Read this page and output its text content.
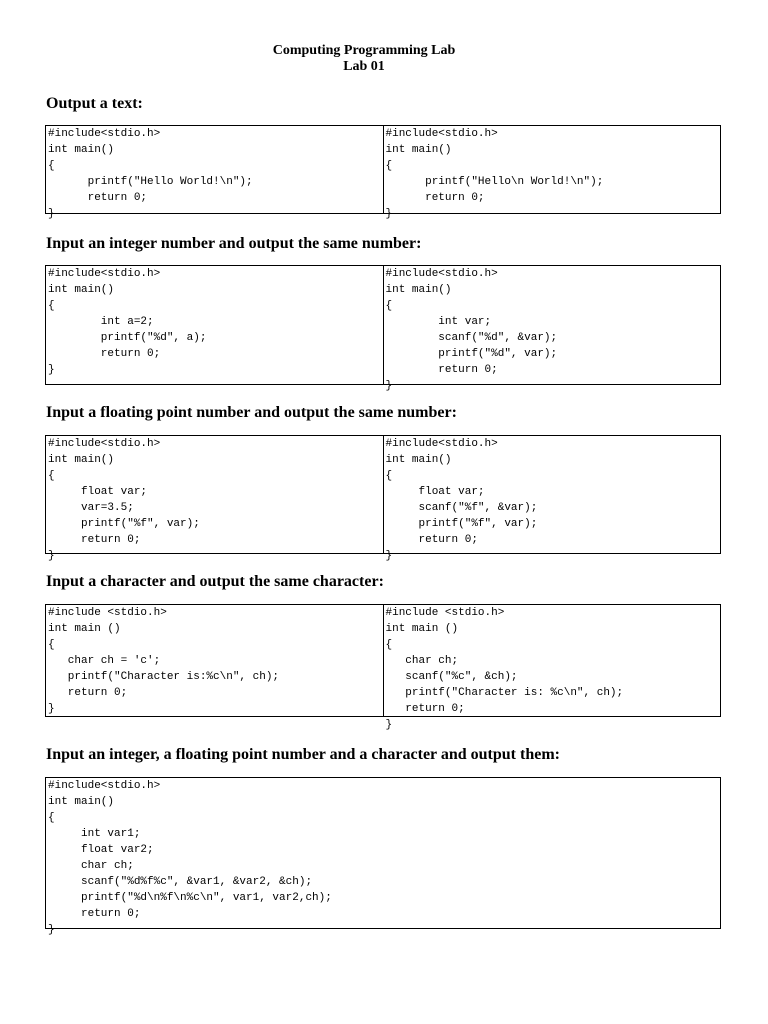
Computing Programming Lab
Lab 01
Output a text:
#include<stdio.h>
int main()
{
printf("Hello World!\n");
return 0;
}
#include<stdio.h>
int main()
{
printf("Hello\n World!\n");
return 0;
}
Input an integer number and output the same number:
#include<stdio.h>
int main()
{
int a=2;
printf("%d", a);
return 0;
}
#include<stdio.h>
int main()
{
int var;
scanf("%d", &var);
printf("%d", var);
return 0;
}
Input a floating point number and output the same number:
#include<stdio.h>
int main()
{
float var;
var=3.5;
printf("%f", var);
return 0;
}
#include<stdio.h>
int main()
{
float var;
scanf("%f", &var);
printf("%f", var);
return 0;
}
Input a character and output the same character:
#include <stdio.h>
int main ()
{
char ch = 'c';
printf("Character is:%c\n", ch);
return 0;
}
#include <stdio.h>
int main ()
{
char ch;
scanf("%c", &ch);
printf("Character is: %c\n", ch);
return 0;
}
Input an integer, a floating point number and a character and output them:
#include<stdio.h>
int main()
{
int var1;
float var2;
char ch;
scanf("%d%f%c", &var1, &var2, &ch);
printf("%d\n%f\n%c\n", var1, var2,ch);
return 0;
}
